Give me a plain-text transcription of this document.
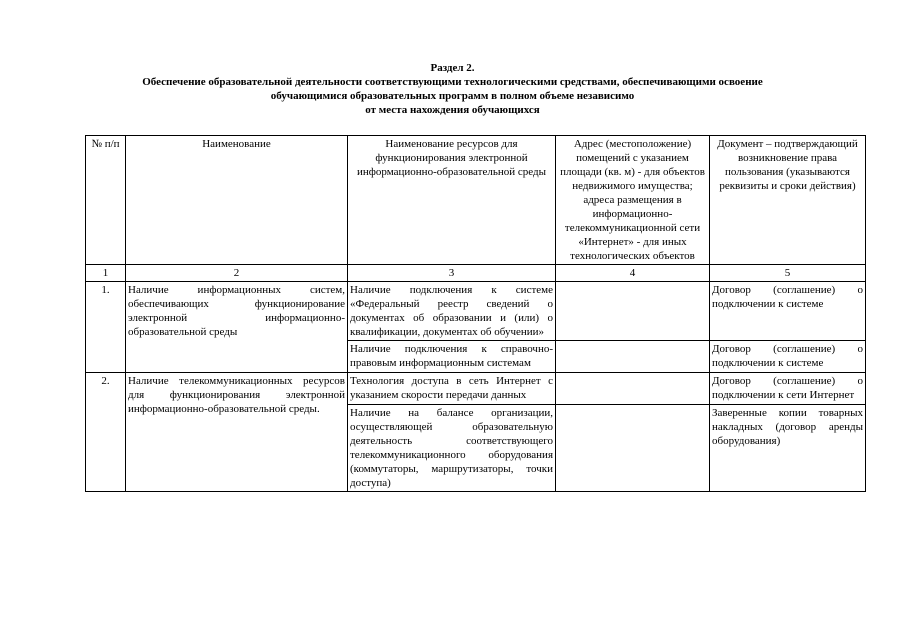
Раздел 2.
Обеспечение образовательной деятельности соответствующими технологическими средствами, обеспечивающими освоение
обучающимися образовательных программ в полном объеме независимо
от места нахождения обучающихся
№ п/п	Наименование	Наименование ресурсов для функционирования электронной информационно-образовательной среды	Адрес (местоположение) помещений с указанием площади (кв. м) - для объектов недвижимого имущества; адреса размещения в информационно-телекоммуникационной сети «Интернет» - для иных технологических объектов	Документ – подтверждающий возникновение права пользования (указываются реквизиты и сроки действия)
1	2	3	4	5
1.	Наличие информационных систем, обеспечивающих функционирование электронной информационно-образовательной среды	Наличие подключения к системе «Федеральный реестр сведений о документах об образовании и (или) о квалификации, документах об обучении»		Договор (соглашение) о подключении к системе
		Наличие подключения к справочно-правовым информационным системам		Договор (соглашение) о подключении к системе
2.	Наличие телекоммуникационных ресурсов для функционирования электронной информационно-образовательной среды.	Технология доступа в сеть Интернет с указанием скорости передачи данных		Договор (соглашение) о подключении к сети Интернет
		Наличие на балансе организации, осуществляющей образовательную деятельность соответствующего телекоммуникационного оборудования (коммутаторы, маршрутизаторы, точки доступа)		Заверенные копии товарных накладных (договор аренды оборудования)
